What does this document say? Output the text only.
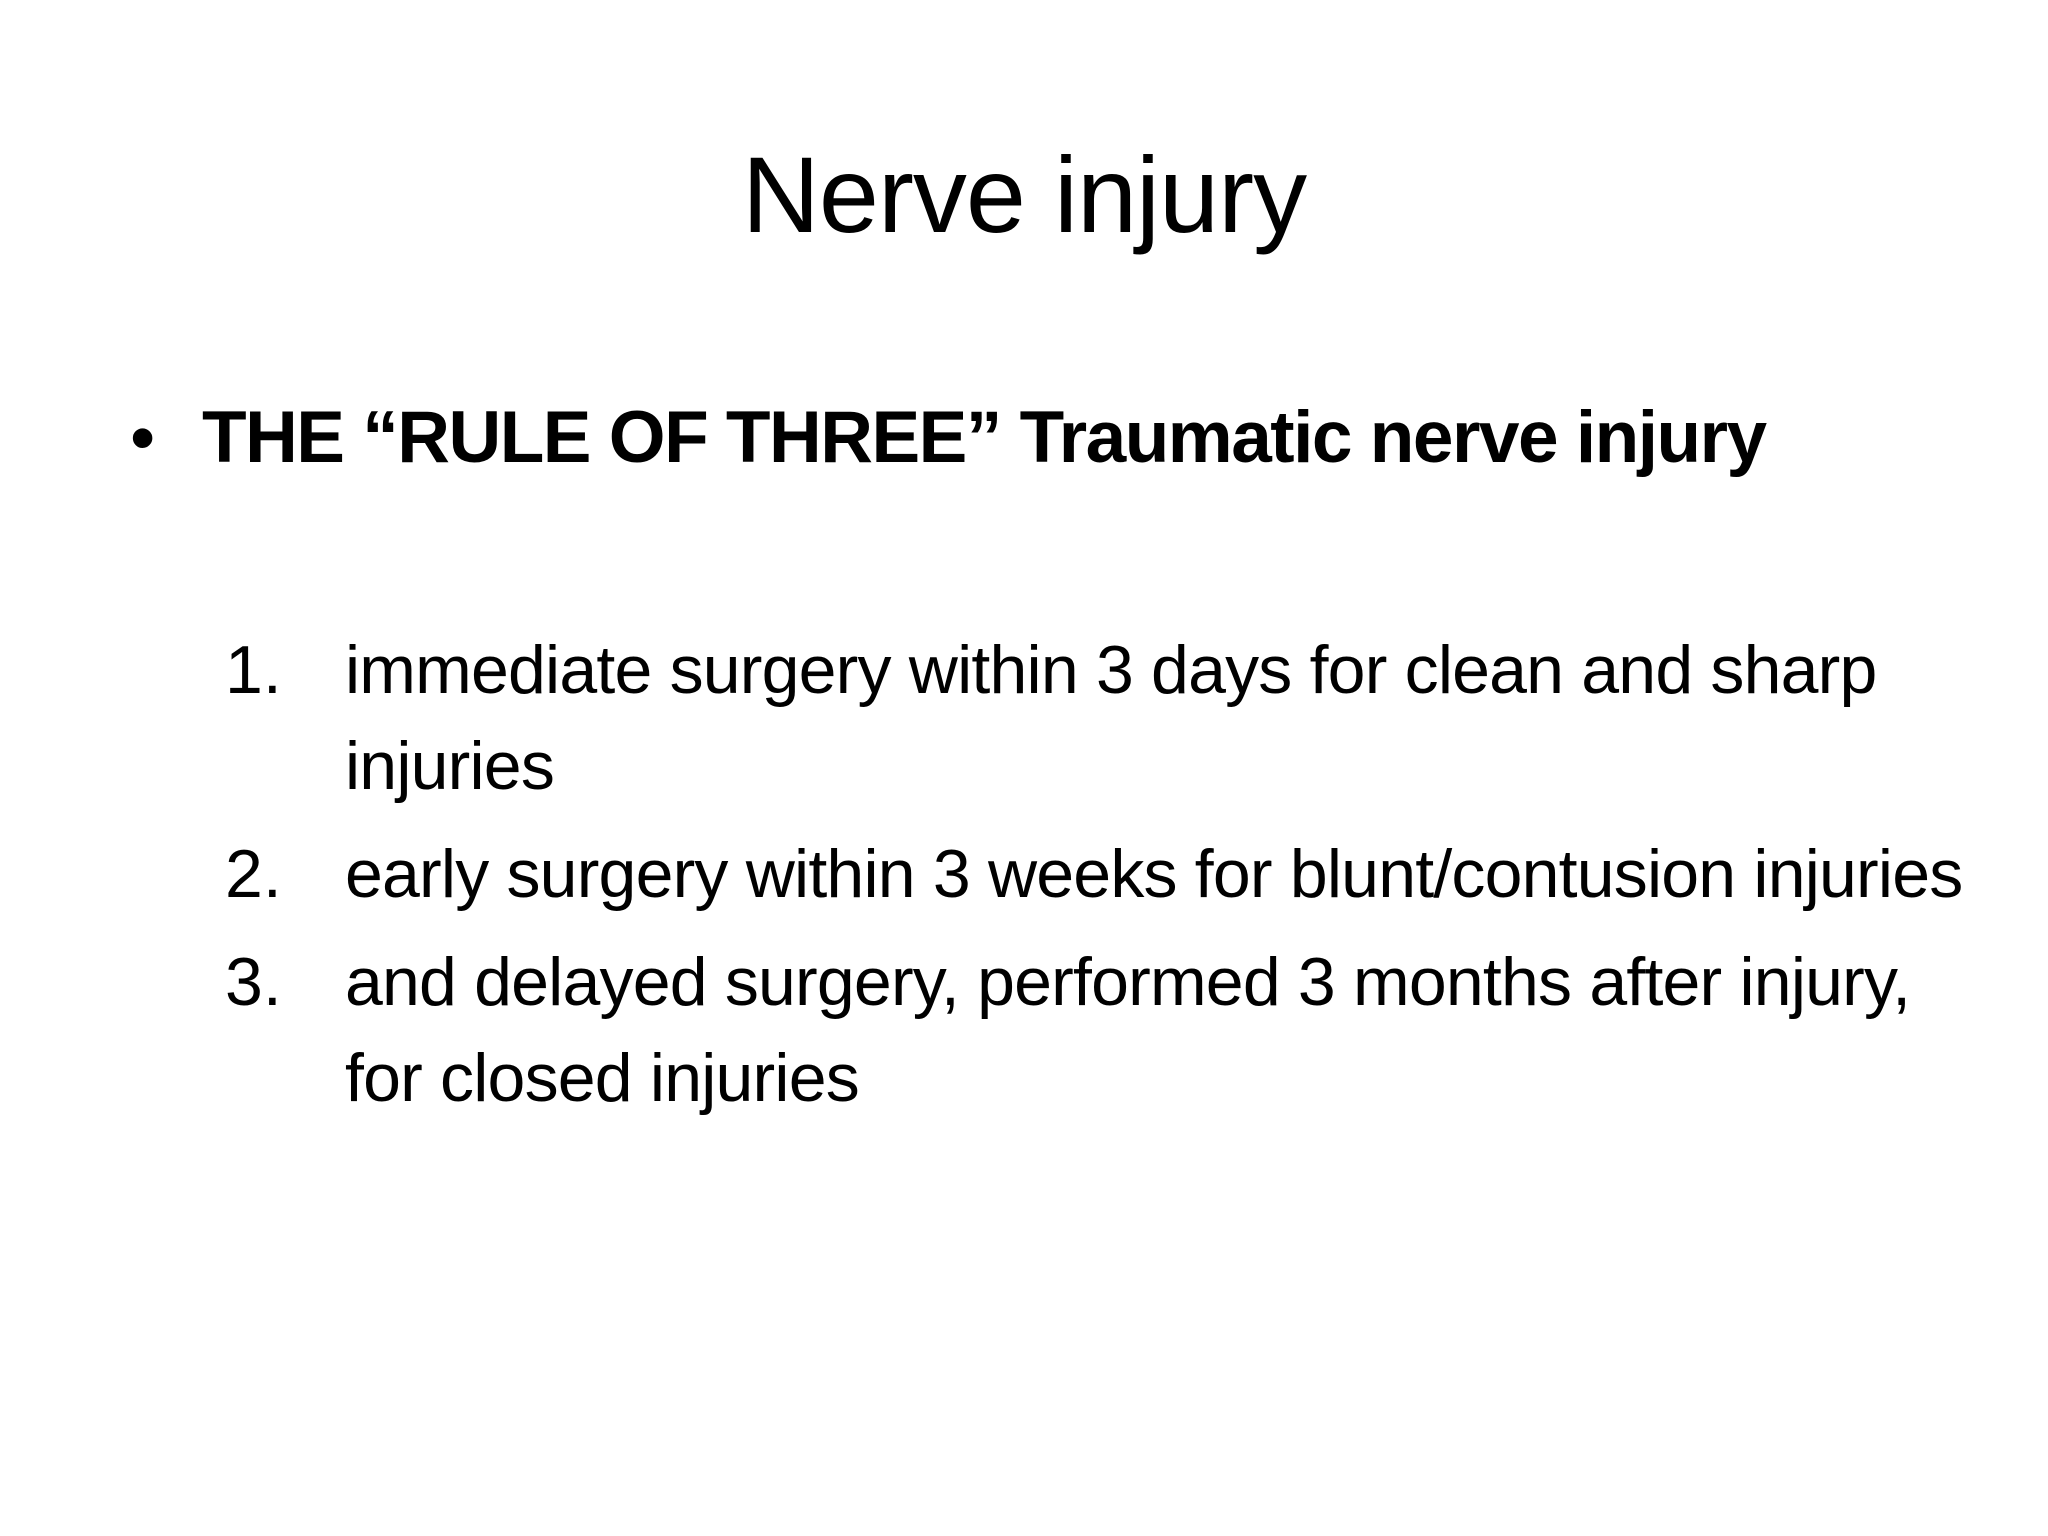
Nerve injury
• THE “RULE OF THREE” Traumatic nerve injury
1. immediate surgery within 3 days for clean and sharp injuries
2. early surgery within 3 weeks for blunt/contusion injuries
3. and delayed surgery, performed 3 months after injury, for closed injuries
